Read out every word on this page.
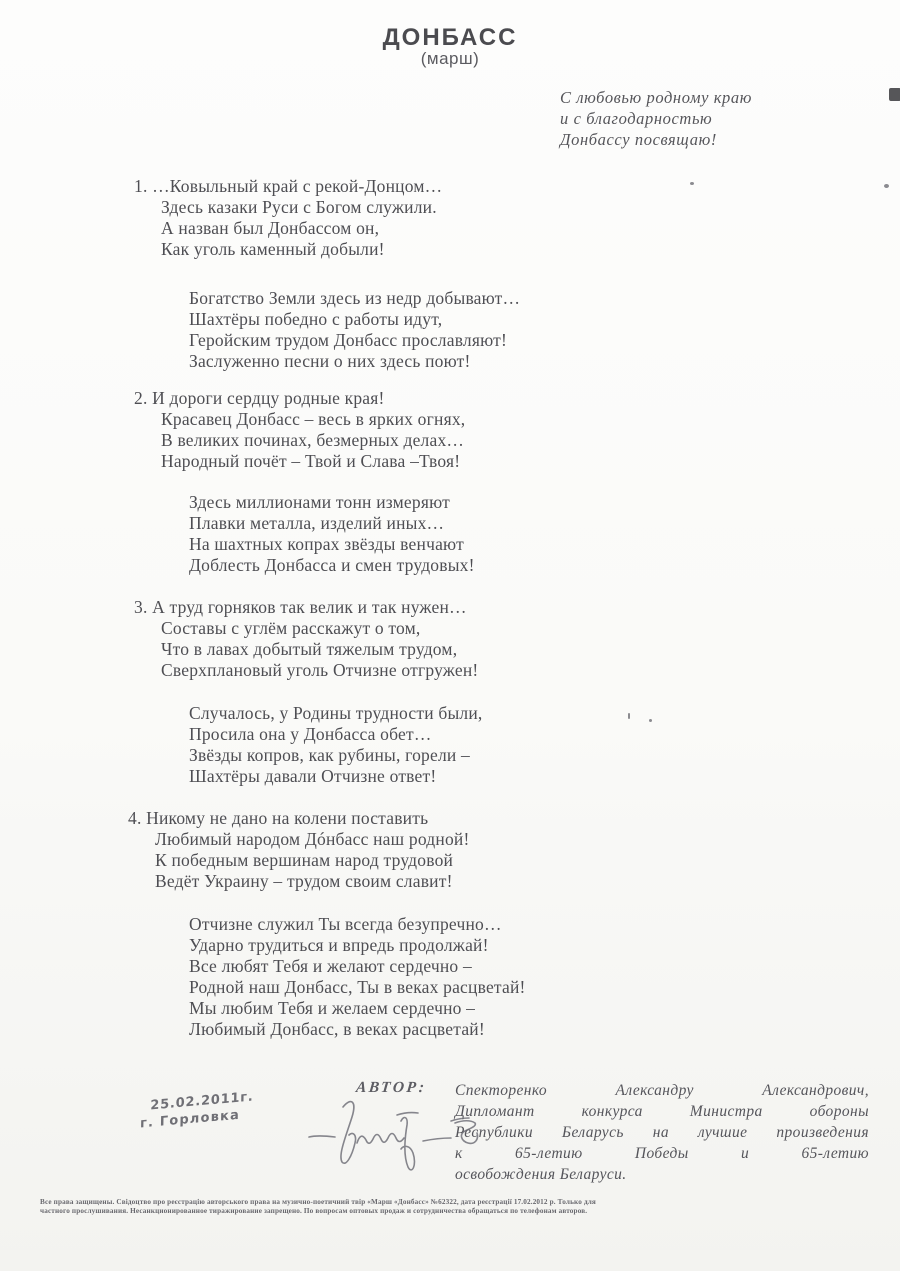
ДОНБАСС
(марш)
С любовью родному краю
и с благодарностью
Донбассу посвящаю!
1. …Ковыльный край с рекой-Донцом…
Здесь казаки Руси с Богом служили.
А назван был Донбассом он,
Как уголь каменный добыли!
Богатство Земли здесь из недр добывают…
Шахтёры победно с работы идут,
Геройским трудом Донбасс прославляют!
Заслуженно песни о них здесь поют!
2. И дороги сердцу родные края!
Красавец Донбасс – весь в ярких огнях,
В великих починах, безмерных делах…
Народный почёт – Твой и Слава –Твоя!
Здесь миллионами тонн измеряют
Плавки металла, изделий иных…
На шахтных копрах звёзды венчают
Доблесть Донбасса и смен трудовых!
3. А труд горняков так велик и так нужен…
Составы с углём расскажут о том,
Что в лавах добытый тяжелым трудом,
Сверхплановый уголь Отчизне отгружен!
Случалось, у Родины трудности были,
Просила она у Донбасса обет…
Звёзды копров, как рубины, горели –
Шахтёры давали Отчизне ответ!
4. Никому не дано на колени поставить
Любимый народом Дóнбасс наш родной!
К победным вершинам народ трудовой
Ведёт Украину – трудом своим славит!
Отчизне служил Ты всегда безупречно…
Ударно трудиться и впредь продолжай!
Все любят Тебя и желают сердечно –
Родной наш Донбасс, Ты в веках расцветай!
Мы любим Тебя и желаем сердечно –
Любимый Донбасс, в веках расцветай!
25.02.2011г.
г. Горловка
АВТОР: Спекторенко Александру Александрович,
Дипломант конкурса Министра обороны
Республики Беларусь на лучшие произведения
к 65-летию Победы и 65-летию
освобождения Беларуси.
Все права защищены. Свідоцтво про реєстрацію авторського права на музично-поетичний твір «Марш «Донбасс» №62322, дата реєстрації 17.02.2012 р. Только для
частного прослушивания. Несанкционированное тиражирование запрещено. По вопросам оптовых продаж и сотрудничества обращаться по телефонам авторов.
